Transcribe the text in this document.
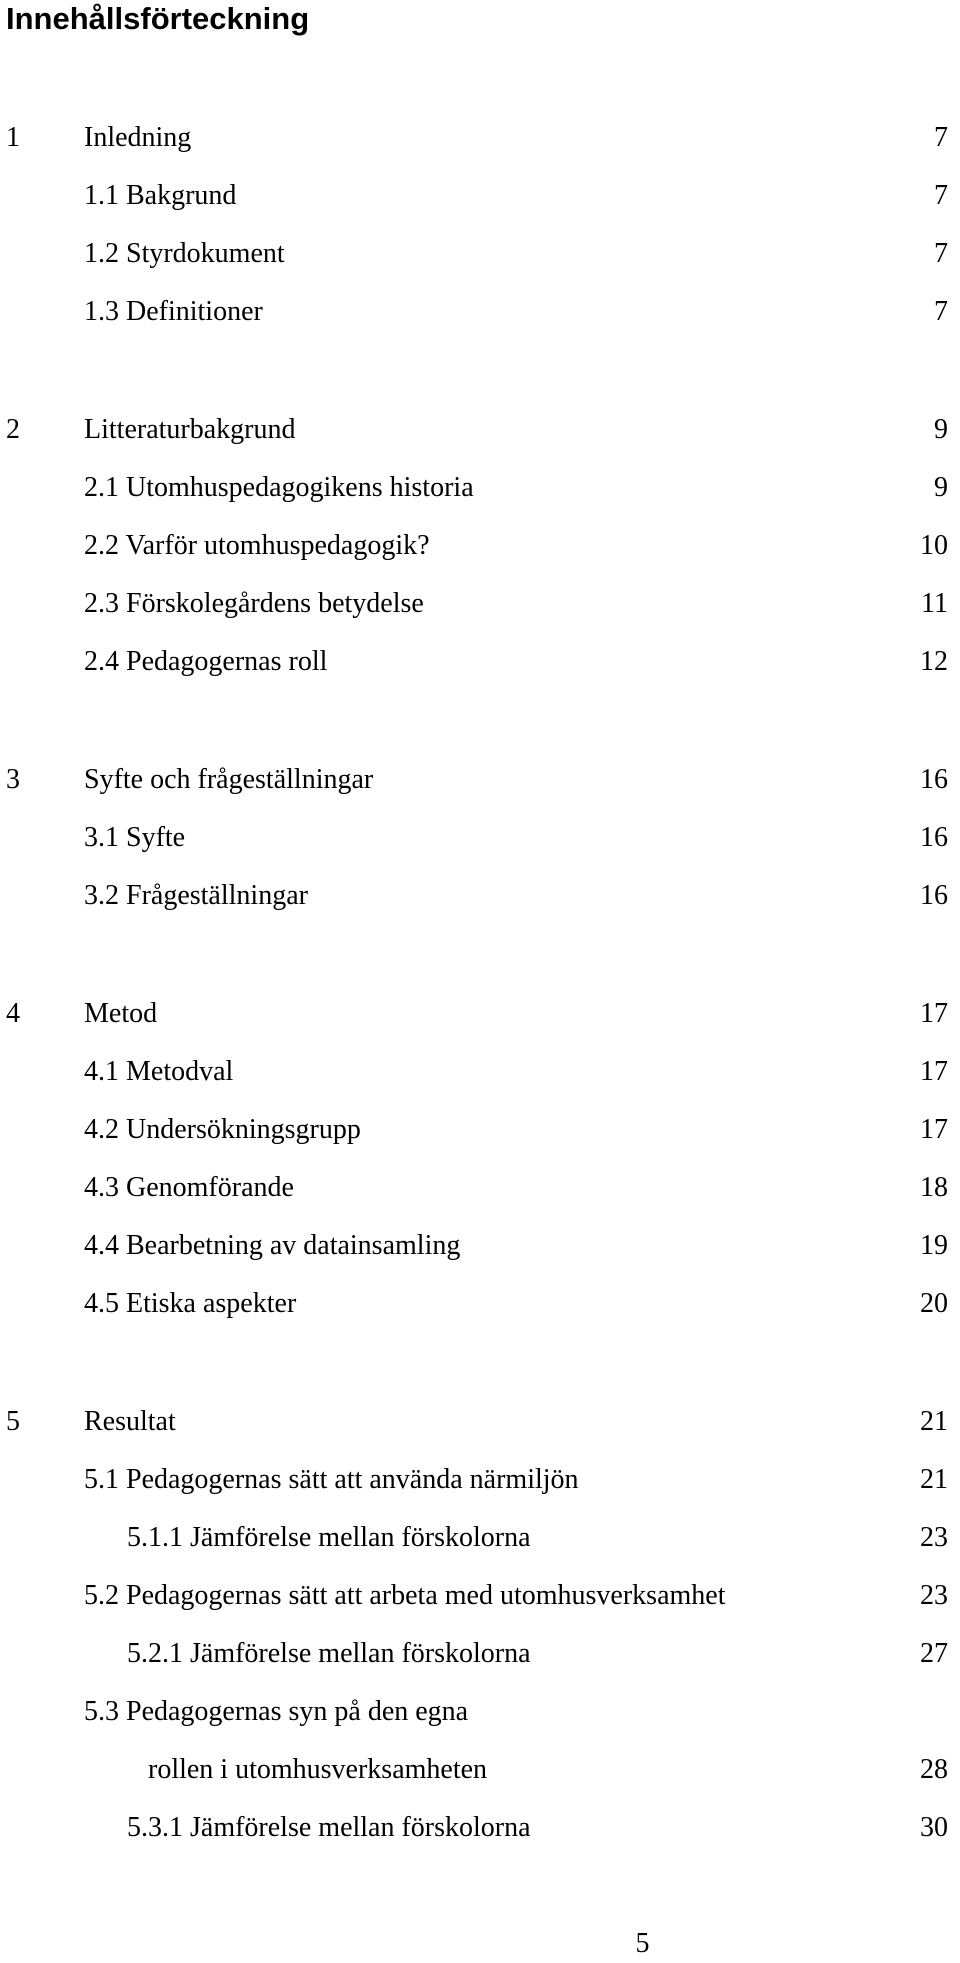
Innehållsförteckning
1 Inledning	7
1.1 Bakgrund	7
1.2 Styrdokument	7
1.3 Definitioner	7
2 Litteraturbakgrund	9
2.1 Utomhuspedagogikens historia	9
2.2 Varför utomhuspedagogik?	10
2.3 Förskolegårdens betydelse	11
2.4 Pedagogernas roll	12
3 Syfte och frågeställningar	16
3.1 Syfte	16
3.2 Frågeställningar	16
4 Metod	17
4.1 Metodval	17
4.2 Undersökningsgrupp	17
4.3 Genomförande	18
4.4 Bearbetning av datainsamling	19
4.5 Etiska aspekter	20
5 Resultat	21
5.1 Pedagogernas sätt att använda närmiljön	21
5.1.1 Jämförelse mellan förskolorna	23
5.2 Pedagogernas sätt att arbeta med utomhusverksamhet	23
5.2.1 Jämförelse mellan förskolorna	27
5.3 Pedagogernas syn på den egna
rollen i utomhusverksamheten	28
5.3.1 Jämförelse mellan förskolorna	30
5
